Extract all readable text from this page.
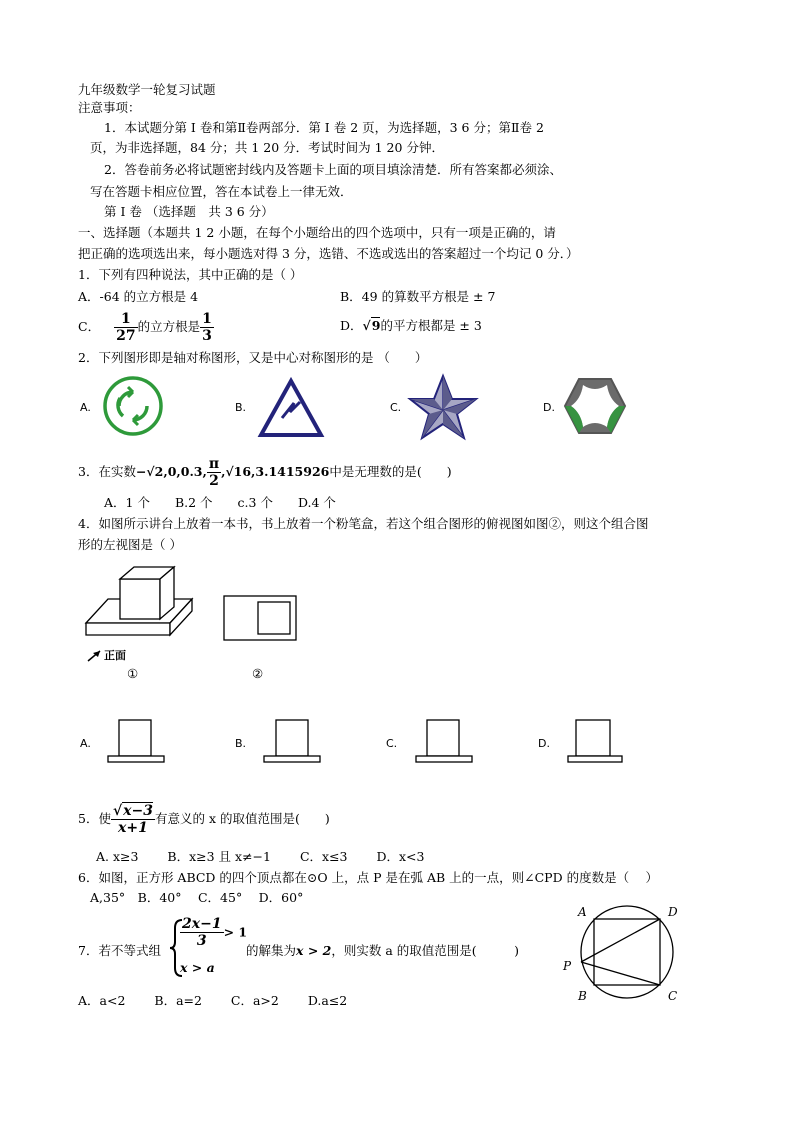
九年级数学一轮复习试题
注意事项：
1．本试题分第 I 卷和第Ⅱ卷两部分．第 I 卷 2 页，为选择题，3 6 分；第Ⅱ卷 2
页，为非选择题，84 分；共 1 20 分．考试时间为 1 20 分钟．
2．答卷前务必将试题密封线内及答题卡上面的项目填涂清楚．所有答案都必须涂、
写在答题卡相应位置，答在本试卷上一律无效．
第 I 卷 （选择题　共 3 6 分）
一、选择题（本题共 1 2 小题，在每个小题给出的四个选项中，只有一项是正确的，请
把正确的选项选出来，每小题选对得 3 分，选错、不选或选出的答案超过一个均记 0 分．）
1．下列有四种说法，其中正确的是（ ）
A．-64 的立方根是 4	B．49 的算数平方根是 ± 7
C． $\frac{1}{27}$ 的立方根是 $\frac{1}{3}$	D．√9的平方根都是 ± 3
2．下列图形即是轴对称图形，又是中心对称图形的是 （　　）
A.	B.	C.	D.
3．在实数−√2,0,0.3, $\frac{\pi}{2} ,√16,3.1415926$中是无理数的是(　　)
A．1 个　　B.2 个　　c.3 个　　D.4 个
4．如图所示讲台上放着一本书，书上放着一个粉笔盒，若这个组合图形的俯视图如图②，则这个组合图
形的左视图是（ ）
正面
①	②
A.	B.	C.	D.
5．使 $\frac{√x-3}{x+1}$ 有意义的 x 的取值范围是(　　)
A. x≥3　　 B．x≥3 且 x≠−1　　 C．x≤3　　 D．x<3
6．如图，正方形 ABCD 的四个顶点都在⊙O 上，点 P 是在弧 AB 上的一点，则∠CPD 的度数是（　 ）
A,35°　B．40°　 C．45°　 D．60°
A	D
P
B	C
7．若不等式组
$\frac{2x-1}{3} > 1$
x > a
的解集为x > 2，则实数 a 的取值范围是(　　　)
A．a<2　　 B．a=2　　 C．a>2　　 D.a≤2
